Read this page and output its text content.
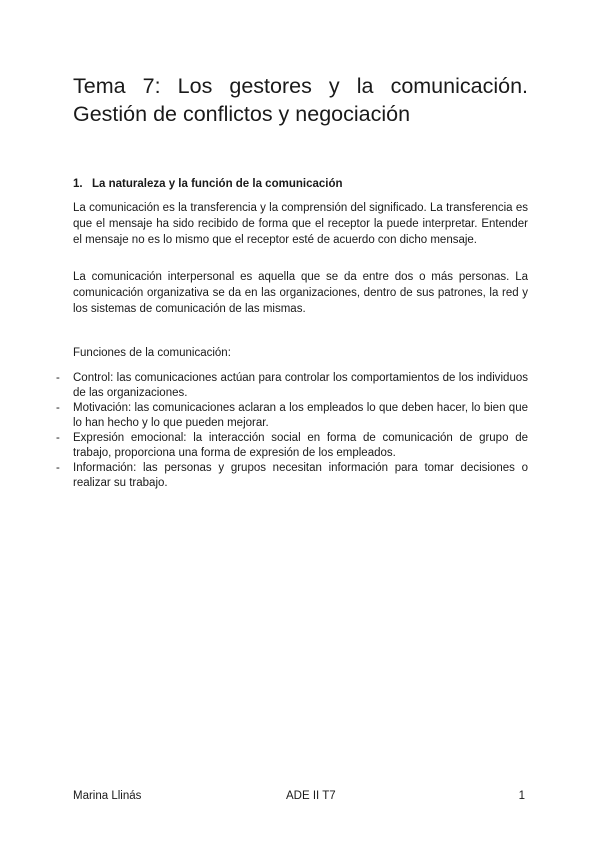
Tema 7: Los gestores y la comunicación.

Gestión de conflictos y negociación
1. La naturaleza y la función de la comunicación

La comunicación es la transferencia y la comprensión del significado. La transferencia es que el mensaje ha sido recibido de forma que el receptor la puede interpretar. Entender el mensaje no es lo mismo que el receptor esté de acuerdo con dicho mensaje.

La comunicación interpersonal es aquella que se da entre dos o más personas. La comunicación organizativa se da en las organizaciones, dentro de sus patrones, la red y los sistemas de comunicación de las mismas.

Funciones de la comunicación:

- Control: las comunicaciones actúan para controlar los comportamientos de los individuos de las organizaciones.
- Motivación: las comunicaciones aclaran a los empleados lo que deben hacer, lo bien que lo han hecho y lo que pueden mejorar.
- Expresión emocional: la interacción social en forma de comunicación de grupo de trabajo, proporciona una forma de expresión de los empleados.
- Información: las personas y grupos necesitan información para tomar decisiones o realizar su trabajo.
Marina Llinás	ADE II T7	1
